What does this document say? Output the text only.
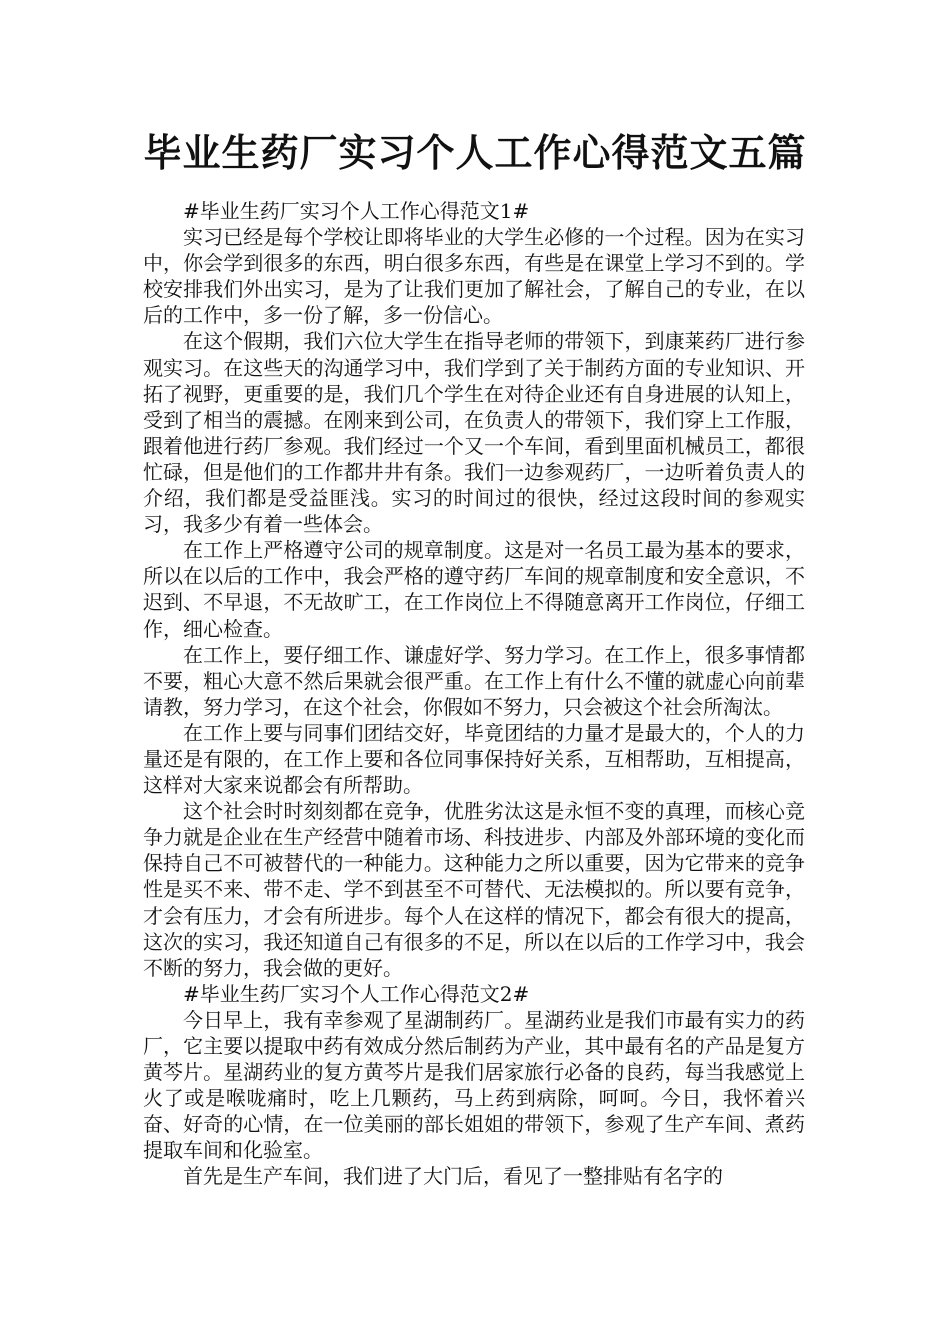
毕业生药厂实习个人工作心得范文五篇

#毕业生药厂实习个人工作心得范文1#

实习已经是每个学校让即将毕业的大学生必修的一个过程。因为在实习中，你会学到很多的东西，明白很多东西，有些是在课堂上学习不到的。学校安排我们外出实习，是为了让我们更加了解社会，了解自己的专业，在以后的工作中，多一份了解，多一份信心。

在这个假期，我们六位大学生在指导老师的带领下，到康莱药厂进行参观实习。在这些天的沟通学习中，我们学到了关于制药方面的专业知识、开拓了视野，更重要的是，我们几个学生在对待企业还有自身进展的认知上，受到了相当的震撼。在刚来到公司，在负责人的带领下，我们穿上工作服，跟着他进行药厂参观。我们经过一个又一个车间，看到里面机械员工，都很忙碌，但是他们的工作都井井有条。我们一边参观药厂，一边听着负责人的介绍，我们都是受益匪浅。实习的时间过的很快，经过这段时间的参观实习，我多少有着一些体会。

在工作上严格遵守公司的规章制度。这是对一名员工最为基本的要求，所以在以后的工作中，我会严格的遵守药厂车间的规章制度和安全意识，不迟到、不早退，不无故旷工，在工作岗位上不得随意离开工作岗位，仔细工作，细心检查。

在工作上，要仔细工作、谦虚好学、努力学习。在工作上，很多事情都不要，粗心大意不然后果就会很严重。在工作上有什么不懂的就虚心向前辈请教，努力学习，在这个社会，你假如不努力，只会被这个社会所淘汰。

在工作上要与同事们团结交好，毕竟团结的力量才是最大的，个人的力量还是有限的，在工作上要和各位同事保持好关系，互相帮助，互相提高，这样对大家来说都会有所帮助。

这个社会时时刻刻都在竞争，优胜劣汰这是永恒不变的真理，而核心竞争力就是企业在生产经营中随着市场、科技进步、内部及外部环境的变化而保持自己不可被替代的一种能力。这种能力之所以重要，因为它带来的竞争性是买不来、带不走、学不到甚至不可替代、无法模拟的。所以要有竞争，才会有压力，才会有所进步。每个人在这样的情况下，都会有很大的提高，这次的实习，我还知道自己有很多的不足，所以在以后的工作学习中，我会不断的努力，我会做的更好。

#毕业生药厂实习个人工作心得范文2#

今日早上，我有幸参观了星湖制药厂。星湖药业是我们市最有实力的药厂，它主要以提取中药有效成分然后制药为产业，其中最有名的产品是复方黄芩片。星湖药业的复方黄芩片是我们居家旅行必备的良药，每当我感觉上火了或是喉咙痛时，吃上几颗药，马上药到病除，呵呵。今日，我怀着兴奋、好奇的心情，在一位美丽的部长姐姐的带领下，参观了生产车间、煮药提取车间和化验室。

首先是生产车间，我们进了大门后，看见了一整排贴有名字的
